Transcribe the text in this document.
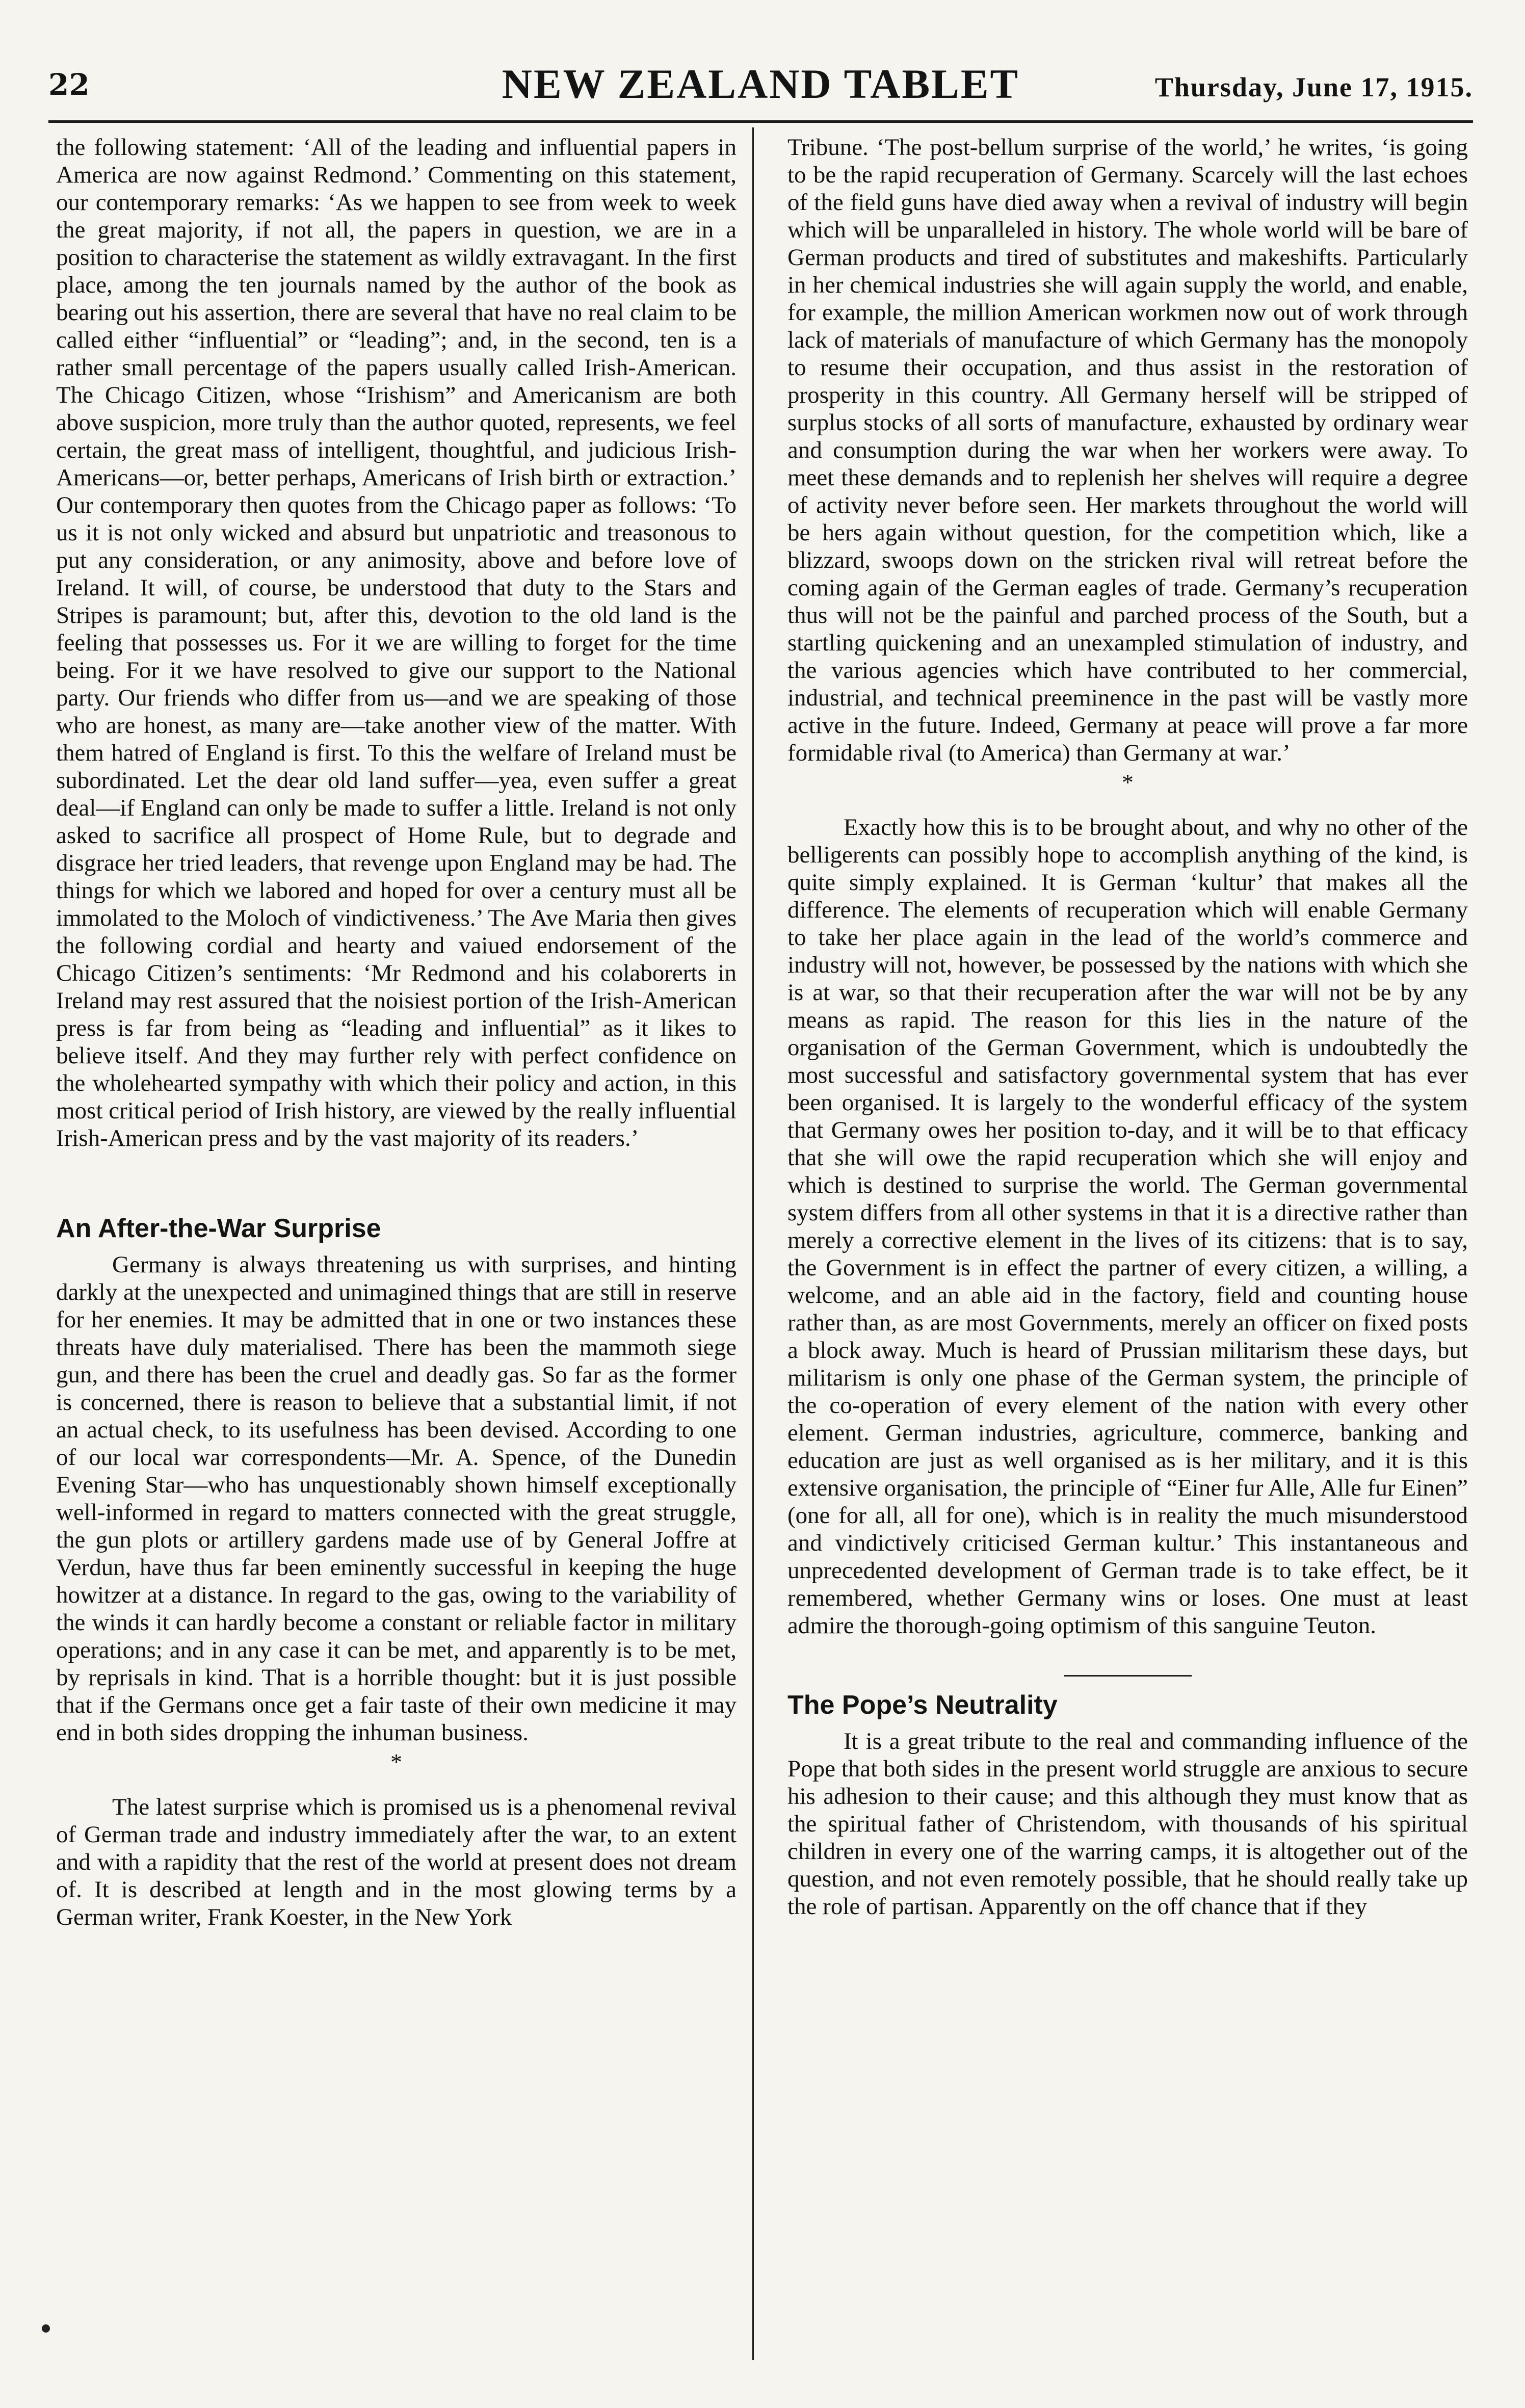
22	NEW ZEALAND TABLET	Thursday, June 17, 1915.

the following statement: ‘All of the leading and influential papers in America are now against Redmond.’ Commenting on this statement, our contemporary remarks: ‘As we happen to see from week to week the great majority, if not all, the papers in question, we are in a position to characterise the statement as wildly extravagant. In the first place, among the ten journals named by the author of the book as bearing out his assertion, there are several that have no real claim to be called either “influential” or “leading”; and, in the second, ten is a rather small percentage of the papers usually called Irish-American. The Chicago Citizen, whose “Irishism” and Americanism are both above suspicion, more truly than the author quoted, represents, we feel certain, the great mass of intelligent, thoughtful, and judicious Irish-Americans—or, better perhaps, Americans of Irish birth or extraction.’ Our contemporary then quotes from the Chicago paper as follows: ‘To us it is not only wicked and absurd but unpatriotic and treasonous to put any consideration, or any animosity, above and before love of Ireland. It will, of course, be understood that duty to the Stars and Stripes is paramount; but, after this, devotion to the old land is the feeling that possesses us. For it we are willing to forget for the time being. For it we have resolved to give our support to the National party. Our friends who differ from us—and we are speaking of those who are honest, as many are—take another view of the matter. With them hatred of England is first. To this the welfare of Ireland must be subordinated. Let the dear old land suffer—yea, even suffer a great deal—if England can only be made to suffer a little. Ireland is not only asked to sacrifice all prospect of Home Rule, but to degrade and disgrace her tried leaders, that revenge upon England may be had. The things for which we labored and hoped for over a century must all be immolated to the Moloch of vindictiveness.’ The Ave Maria then gives the following cordial and hearty and vaiued endorsement of the Chicago Citizen’s sentiments: ‘Mr Redmond and his colaborerts in Ireland may rest assured that the noisiest portion of the Irish-American press is far from being as “leading and influential” as it likes to believe itself. And they may further rely with perfect confidence on the wholehearted sympathy with which their policy and action, in this most critical period of Irish history, are viewed by the really influential Irish-American press and by the vast majority of its readers.’

An After-the-War Surprise

Germany is always threatening us with surprises, and hinting darkly at the unexpected and unimagined things that are still in reserve for her enemies. It may be admitted that in one or two instances these threats have duly materialised. There has been the mammoth siege gun, and there has been the cruel and deadly gas. So far as the former is concerned, there is reason to believe that a substantial limit, if not an actual check, to its usefulness has been devised. According to one of our local war correspondents—Mr. A. Spence, of the Dunedin Evening Star—who has unquestionably shown himself exceptionally well-informed in regard to matters connected with the great struggle, the gun plots or artillery gardens made use of by General Joffre at Verdun, have thus far been eminently successful in keeping the huge howitzer at a distance. In regard to the gas, owing to the variability of the winds it can hardly become a constant or reliable factor in military operations; and in any case it can be met, and apparently is to be met, by reprisals in kind. That is a horrible thought: but it is just possible that if the Germans once get a fair taste of their own medicine it may end in both sides dropping the inhuman business.

*

The latest surprise which is promised us is a phenomenal revival of German trade and industry immediately after the war, to an extent and with a rapidity that the rest of the world at present does not dream of. It is described at length and in the most glowing terms by a German writer, Frank Koester, in the New York

Tribune. ‘The post-bellum surprise of the world,’ he writes, ‘is going to be the rapid recuperation of Germany. Scarcely will the last echoes of the field guns have died away when a revival of industry will begin which will be unparalleled in history. The whole world will be bare of German products and tired of substitutes and makeshifts. Particularly in her chemical industries she will again supply the world, and enable, for example, the million American workmen now out of work through lack of materials of manufacture of which Germany has the monopoly to resume their occupation, and thus assist in the restoration of prosperity in this country. All Germany herself will be stripped of surplus stocks of all sorts of manufacture, exhausted by ordinary wear and consumption during the war when her workers were away. To meet these demands and to replenish her shelves will require a degree of activity never before seen. Her markets throughout the world will be hers again without question, for the competition which, like a blizzard, swoops down on the stricken rival will retreat before the coming again of the German eagles of trade. Germany’s recuperation thus will not be the painful and parched process of the South, but a startling quickening and an unexampled stimulation of industry, and the various agencies which have contributed to her commercial, industrial, and technical preeminence in the past will be vastly more active in the future. Indeed, Germany at peace will prove a far more formidable rival (to America) than Germany at war.’

*

Exactly how this is to be brought about, and why no other of the belligerents can possibly hope to accomplish anything of the kind, is quite simply explained. It is German ‘kultur’ that makes all the difference. The elements of recuperation which will enable Germany to take her place again in the lead of the world’s commerce and industry will not, however, be possessed by the nations with which she is at war, so that their recuperation after the war will not be by any means as rapid. The reason for this lies in the nature of the organisation of the German Government, which is undoubtedly the most successful and satisfactory governmental system that has ever been organised. It is largely to the wonderful efficacy of the system that Germany owes her position to-day, and it will be to that efficacy that she will owe the rapid recuperation which she will enjoy and which is destined to surprise the world. The German governmental system differs from all other systems in that it is a directive rather than merely a corrective element in the lives of its citizens: that is to say, the Government is in effect the partner of every citizen, a willing, a welcome, and an able aid in the factory, field and counting house rather than, as are most Governments, merely an officer on fixed posts a block away. Much is heard of Prussian militarism these days, but militarism is only one phase of the German system, the principle of the co-operation of every element of the nation with every other element. German industries, agriculture, commerce, banking and education are just as well organised as is her military, and it is this extensive organisation, the principle of “Einer fur Alle, Alle fur Einen” (one for all, all for one), which is in reality the much misunderstood and vindictively criticised German kultur.’ This instantaneous and unprecedented development of German trade is to take effect, be it remembered, whether Germany wins or loses. One must at least admire the thorough-going optimism of this sanguine Teuton.

The Pope’s Neutrality

It is a great tribute to the real and commanding influence of the Pope that both sides in the present world struggle are anxious to secure his adhesion to their cause; and this although they must know that as the spiritual father of Christendom, with thousands of his spiritual children in every one of the warring camps, it is altogether out of the question, and not even remotely possible, that he should really take up the role of partisan. Apparently on the off chance that if they
